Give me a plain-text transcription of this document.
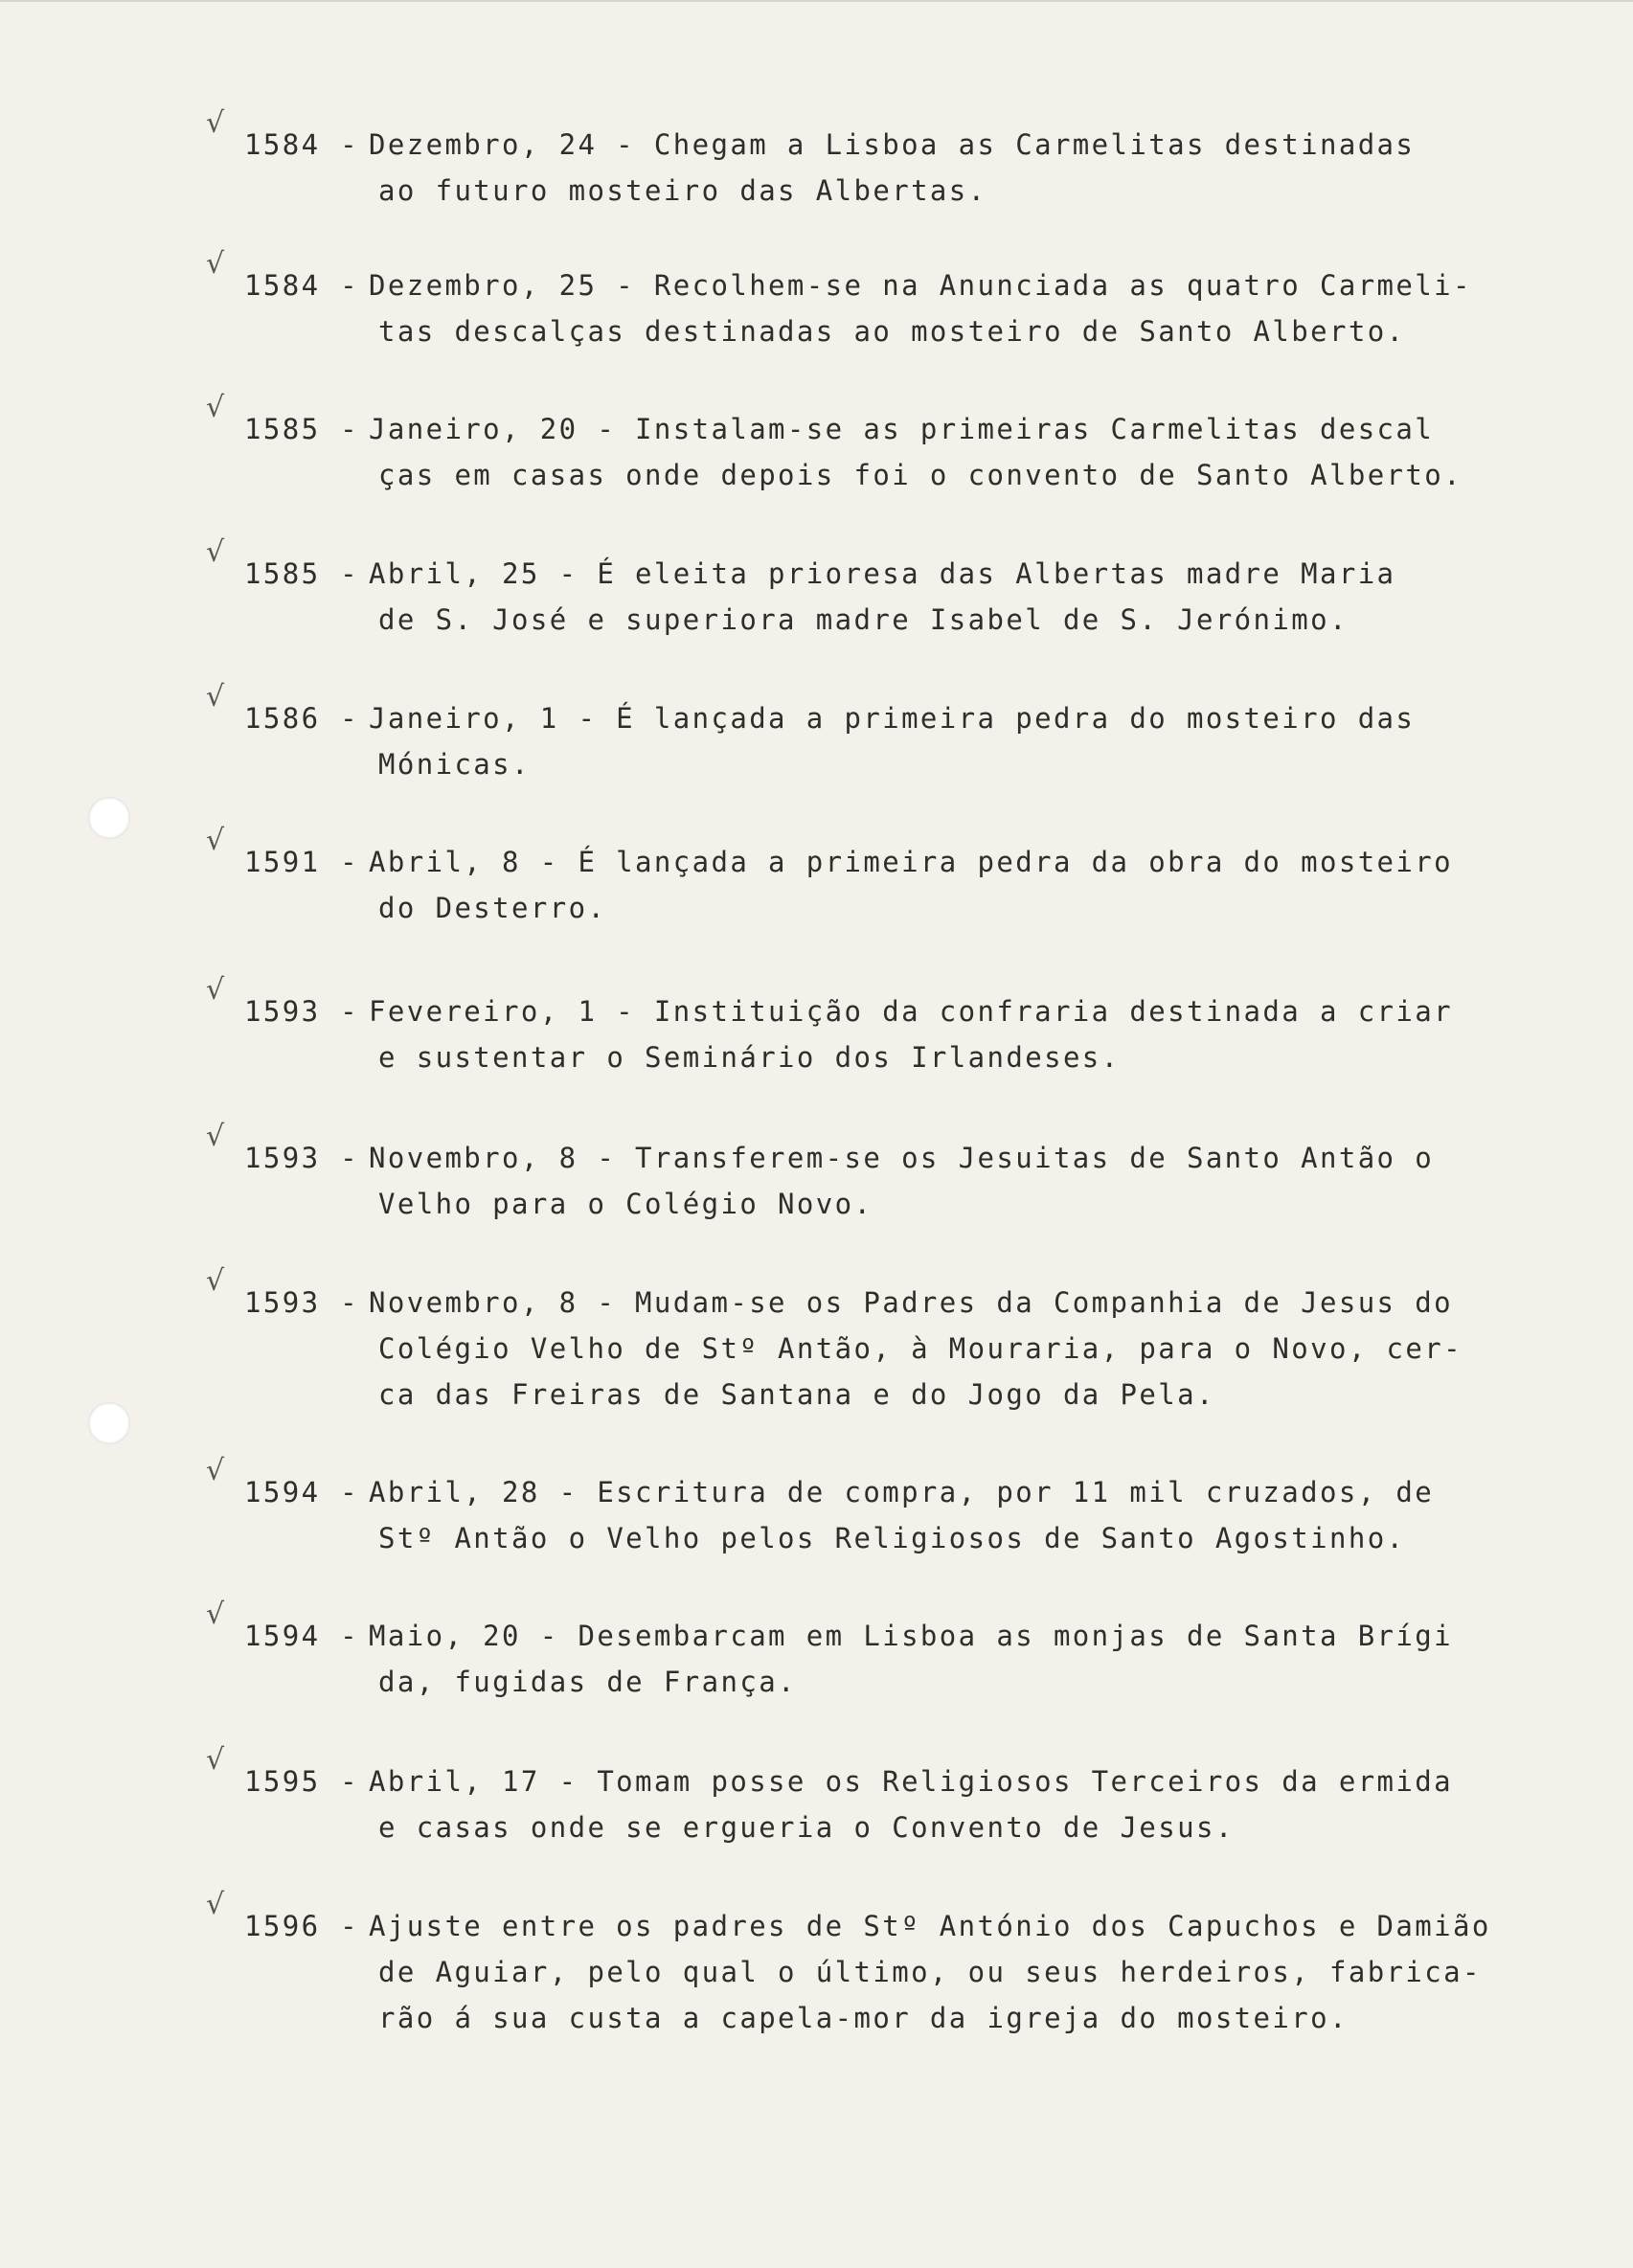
√
1584 - Dezembro, 24 - Chegam a Lisboa as Carmelitas destinadas
ao futuro mosteiro das Albertas.
√
1584 - Dezembro, 25 - Recolhem-se na Anunciada as quatro Carmeli-
tas descalças destinadas ao mosteiro de Santo Alberto.
√
1585 - Janeiro, 20 - Instalam-se as primeiras Carmelitas descal
ças em casas onde depois foi o convento de Santo Alberto.
√
1585 - Abril, 25 - É eleita prioresa das Albertas madre Maria
de S. José e superiora madre Isabel de S. Jerónimo.
√
1586 - Janeiro, 1 - É lançada a primeira pedra do mosteiro das
Mónicas.
√
1591 - Abril, 8 - É lançada a primeira pedra da obra do mosteiro
do Desterro.
√
1593 - Fevereiro, 1 - Instituição da confraria destinada a criar
e sustentar o Seminário dos Irlandeses.
√
1593 - Novembro, 8 - Transferem-se os Jesuitas de Santo Antão o
Velho para o Colégio Novo.
√
1593 - Novembro, 8 - Mudam-se os Padres da Companhia de Jesus do
Colégio Velho de Stº Antão, à Mouraria, para o Novo, cer-
ca das Freiras de Santana e do Jogo da Pela.
√
1594 - Abril, 28 - Escritura de compra, por 11 mil cruzados, de
Stº Antão o Velho pelos Religiosos de Santo Agostinho.
√
1594 - Maio, 20 - Desembarcam em Lisboa as monjas de Santa Brígi
da, fugidas de França.
√
1595 - Abril, 17 - Tomam posse os Religiosos Terceiros da ermida
e casas onde se ergueria o Convento de Jesus.
√
1596 - Ajuste entre os padres de Stº António dos Capuchos e Damião
de Aguiar, pelo qual o último, ou seus herdeiros, fabrica-
rão á sua custa a capela-mor da igreja do mosteiro.
